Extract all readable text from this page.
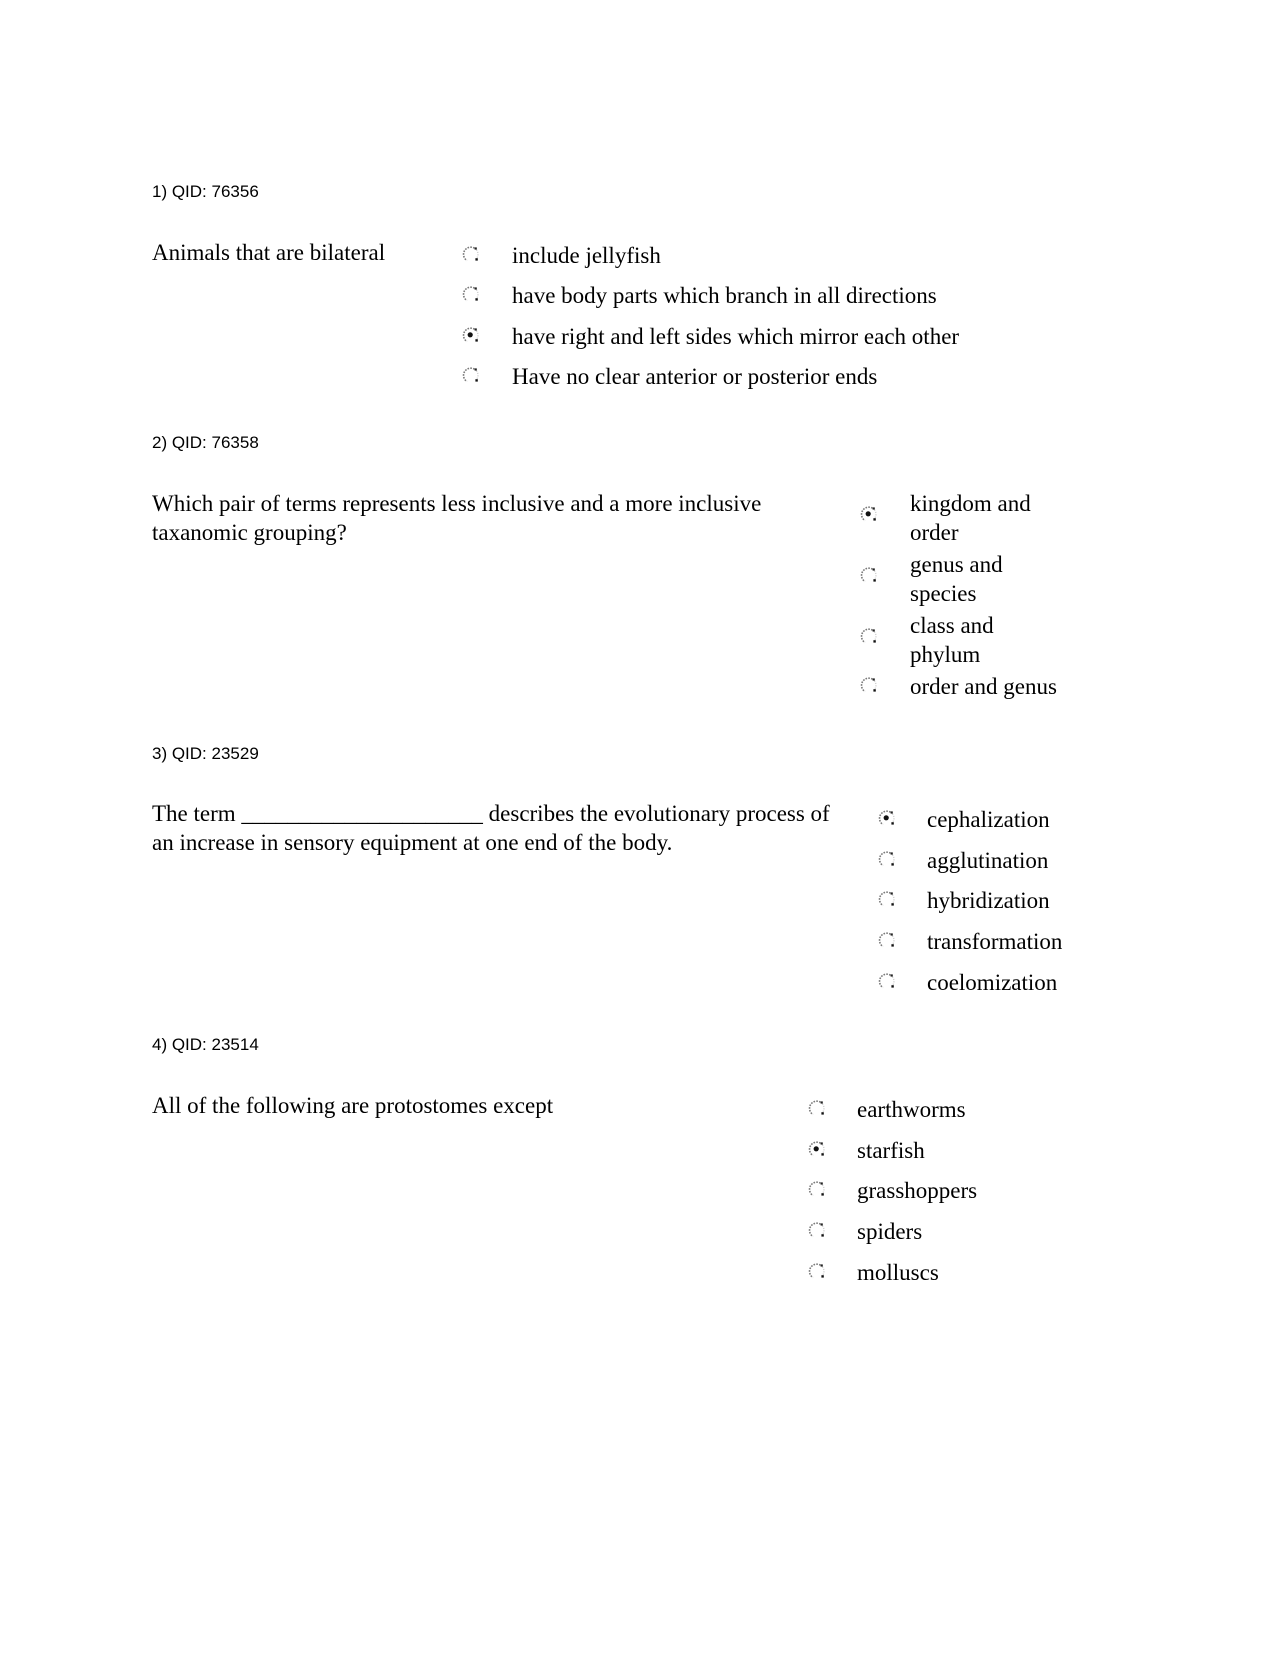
1) QID: 76356
Animals that are bilateral	include jellyfish
have body parts which branch in all directions
have right and left sides which mirror each other
Have no clear anterior or posterior ends
2) QID: 76358
Which pair of terms represents less inclusive and a more inclusive taxanomic grouping?
kingdom and order
genus and species
class and phylum
order and genus
3) QID: 23529
The term _____________________ describes the evolutionary process of an increase in sensory equipment at one end of the body.
cephalization
agglutination
hybridization
transformation
coelomization
4) QID: 23514
All of the following are protostomes except	earthworms
starfish
grasshoppers
spiders
molluscs
